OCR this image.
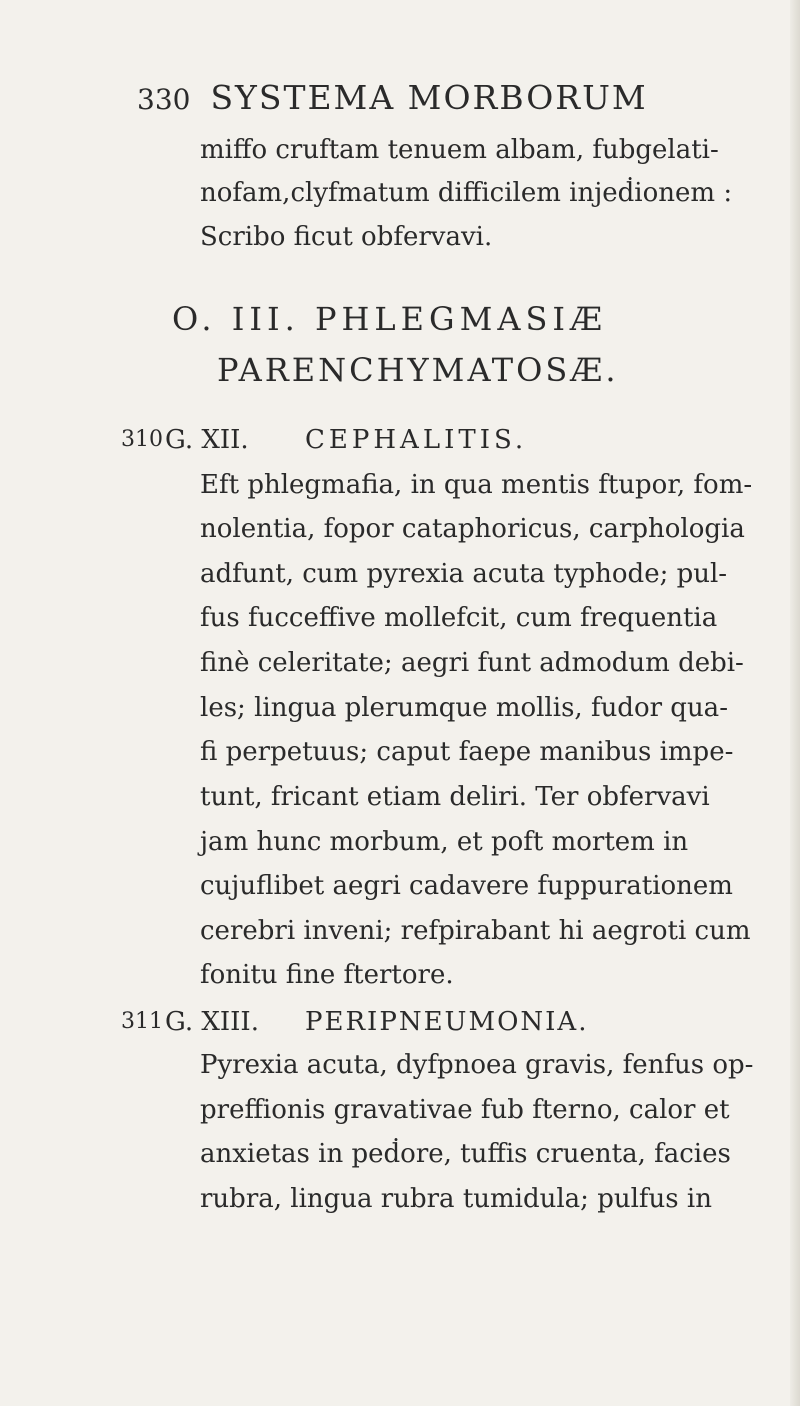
330 SYSTEMA MORBORUM
miffo cruftam tenuem albam, fubgelati-
nofam,clyfmatum difficilem injeḋionem :
Scribo ficut obfervavi.
O. III. PHLEGMASIÆ
PARENCHYMATOSÆ.
310 G. XII. CEPHALITIS.
Eft phlegmafia, in qua mentis ftupor, fom-
nolentia, fopor cataphoricus, carphologia
adfunt, cum pyrexia acuta typhode; pul-
fus fucceffive mollefcit, cum frequentia
finè celeritate; aegri funt admodum debi-
les; lingua plerumque mollis, fudor qua-
fi perpetuus; caput faepe manibus impe-
tunt, fricant etiam deliri. Ter obfervavi
jam hunc morbum, et poft mortem in
cujuflibet aegri cadavere fuppurationem
cerebri inveni; refpirabant hi aegroti cum
fonitu fine ftertore.
311 G. XIII. PERIPNEUMONIA.
Pyrexia acuta, dyfpnoea gravis, fenfus op-
preffionis gravativae fub fterno, calor et
anxietas in peḋore, tuffis cruenta, facies
rubra, lingua rubra tumidula; pulfus in
